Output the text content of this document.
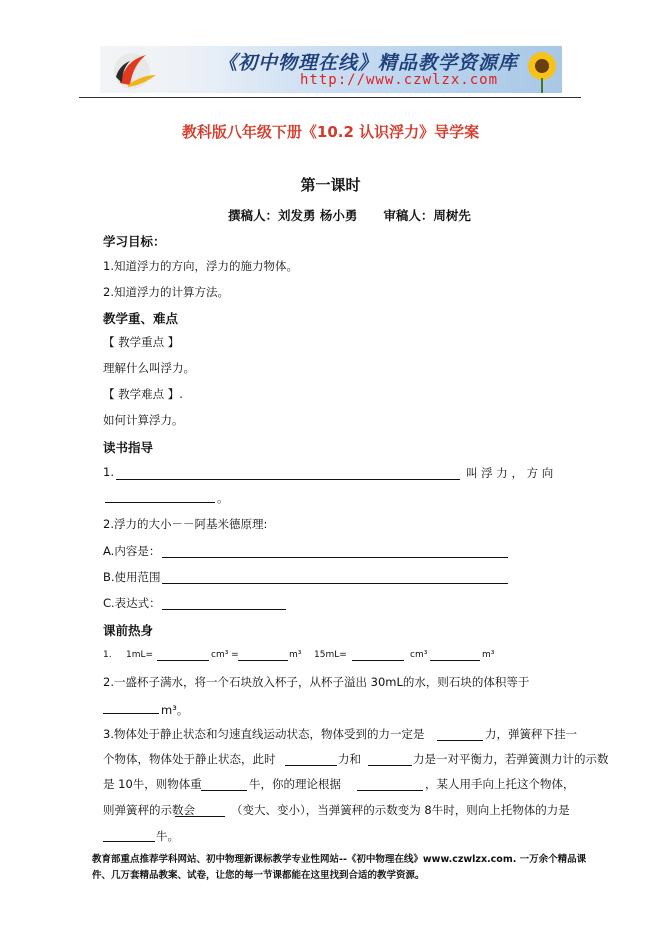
《初中物理在线》精品教学资源库
http://www.czwlzx.com
教科版八年级下册《10.2 认识浮力》导学案
第一课时
撰稿人：刘发勇 杨小勇 审稿人：周树先
学习目标：
1.知道浮力的方向，浮力的施力物体。
2.知道浮力的计算方法。
教学重、难点
【 教学重点 】
理解什么叫浮力。
【 教学难点 】.
如何计算浮力。
读书指导
1.	叫 浮 力 ， 方 向
。
2.浮力的大小－－阿基米德原理:
A.内容是：
B.使用范围
C.表达式：
课前热身
1. 1mL=	cm³ =	m³ 15mL=	cm³	m³
2.一盛杯子满水，将一个石块放入杯子，从杯子溢出 30mL的水，则石块的体积等于
m³。
3.物体处于静止状态和匀速直线运动状态，物体受到的力一定是	力，弹簧秤下挂一
个物体，物体处于静止状态，此时	力和	力是一对平衡力，若弹簧测力计的示数
是 10牛，则物体重	牛，你的理论根据	，某人用手向上托这个物体，
则弹簧秤的示数会	（变大、变小），当弹簧秤的示数变为 8牛时，则向上托物体的力是
牛。
教育部重点推荐学科网站、初中物理新课标教学专业性网站--《初中物理在线》www.czwlzx.com. 一万余个精品课件、几万套精品教案、试卷，让您的每一节课都能在这里找到合适的教学资源。
